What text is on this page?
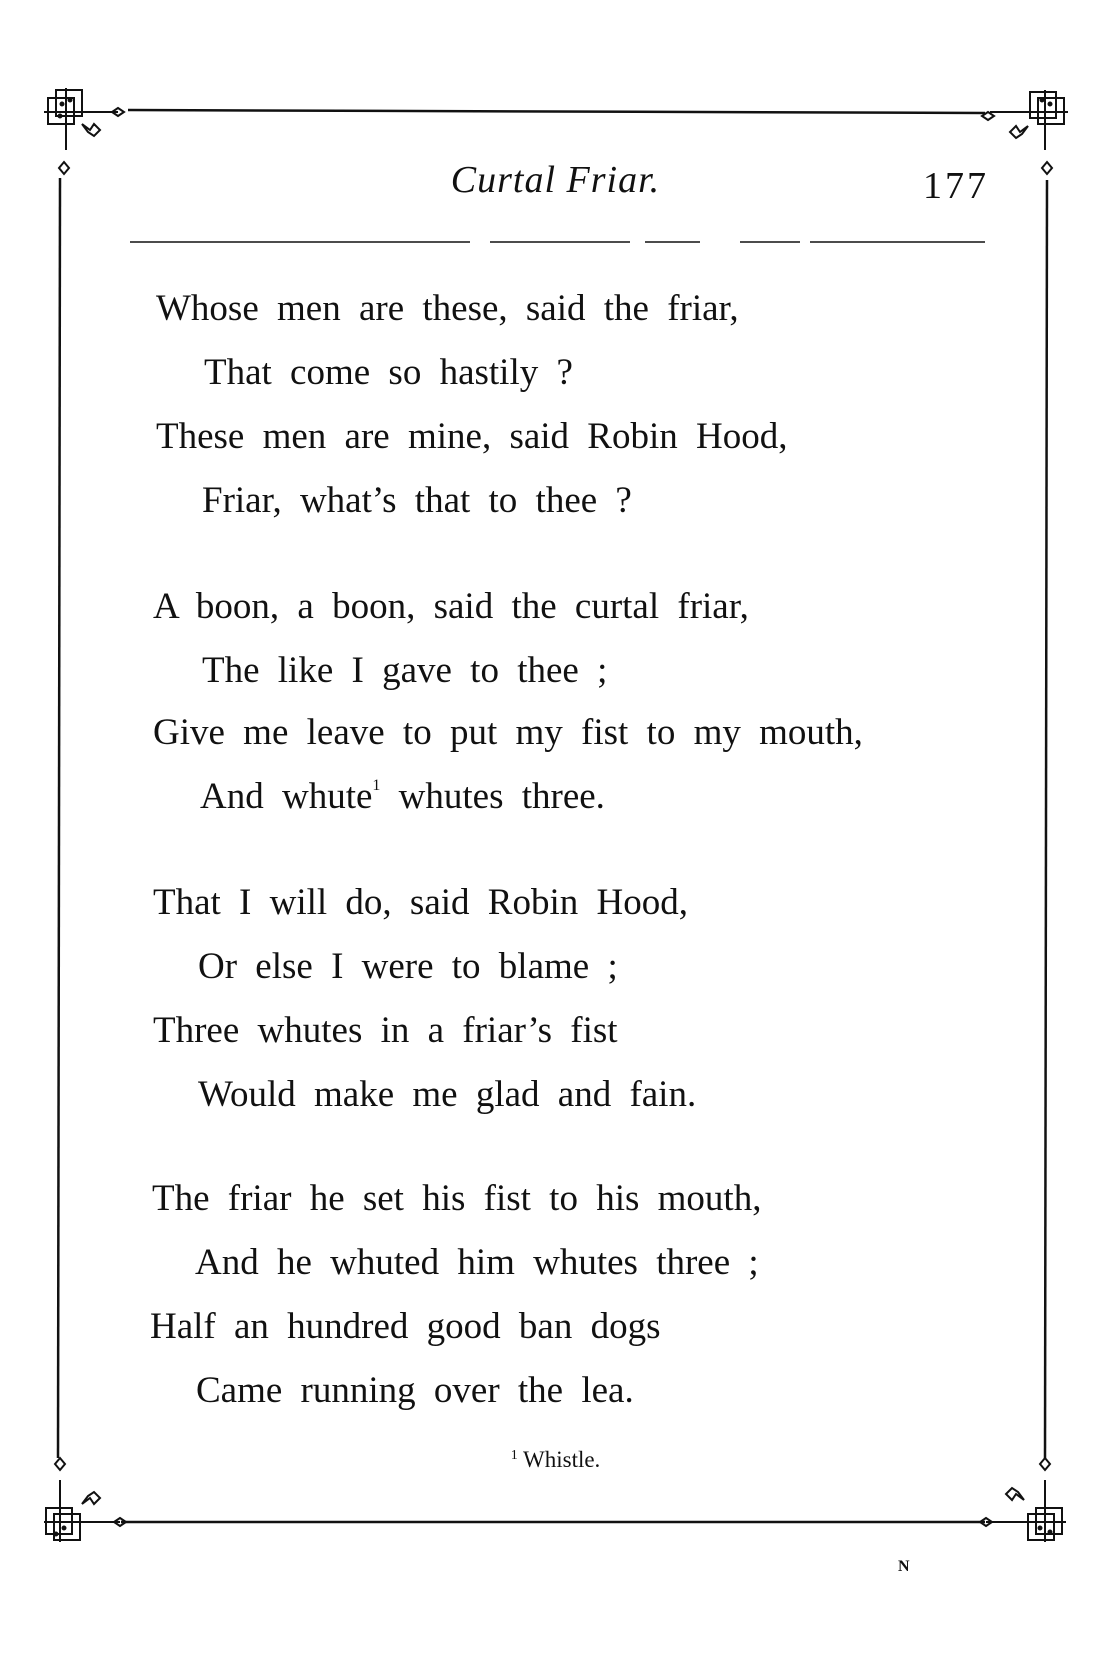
Curtal Friar.	177
Whose men are these, said the friar,
That come so hastily ?
These men are mine, said Robin Hood,
Friar, what’s that to thee ?
A boon, a boon, said the curtal friar,
The like I gave to thee ;
Give me leave to put my fist to my mouth,
And whute$^1$ whutes three.
That I will do, said Robin Hood,
Or else I were to blame ;
Three whutes in a friar’s fist
Would make me glad and fain.
The friar he set his fist to his mouth,
And he whuted him whutes three ;
Half an hundred good ban dogs
Came running over the lea.
$^1$ Whistle.
N
